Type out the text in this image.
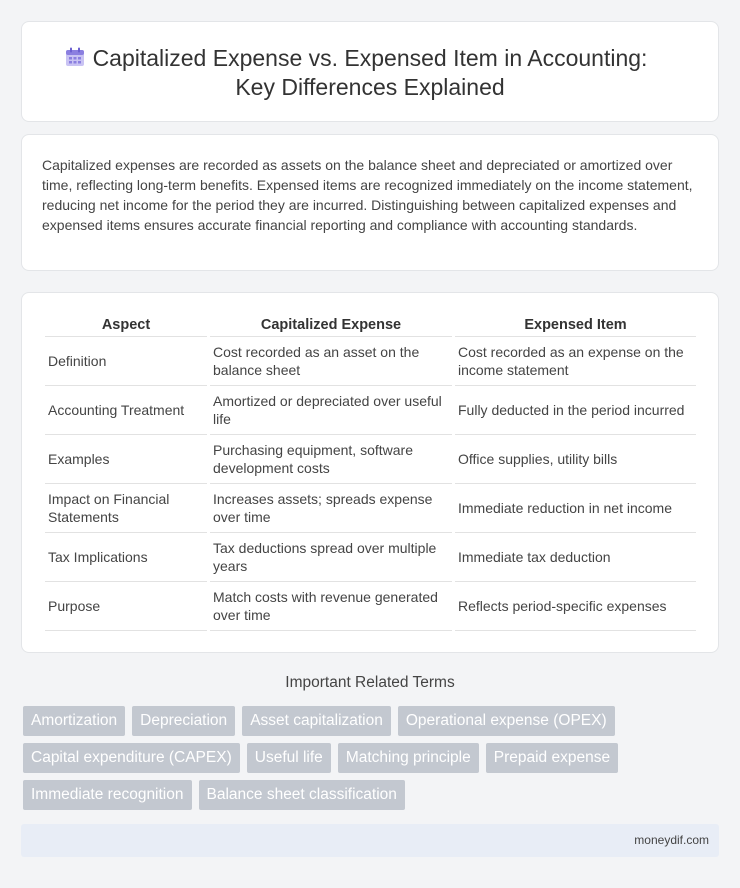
Capitalized Expense vs. Expensed Item in Accounting:
Key Differences Explained

Capitalized expenses are recorded as assets on the balance sheet and depreciated or amortized over time, reflecting long-term benefits. Expensed items are recognized immediately on the income statement, reducing net income for the period they are incurred. Distinguishing between capitalized expenses and expensed items ensures accurate financial reporting and compliance with accounting standards.

Aspect	Capitalized Expense	Expensed Item
Definition	Cost recorded as an asset on the balance sheet	Cost recorded as an expense on the income statement
Accounting Treatment	Amortized or depreciated over useful life	Fully deducted in the period incurred
Examples	Purchasing equipment, software development costs	Office supplies, utility bills
Impact on Financial Statements	Increases assets; spreads expense over time	Immediate reduction in net income
Tax Implications	Tax deductions spread over multiple years	Immediate tax deduction
Purpose	Match costs with revenue generated over time	Reflects period-specific expenses
Important Related Terms
Amortization	Depreciation	Asset capitalization	Operational expense (OPEX)
Capital expenditure (CAPEX)	Useful life	Matching principle	Prepaid expense
Immediate recognition	Balance sheet classification
moneydif.com
